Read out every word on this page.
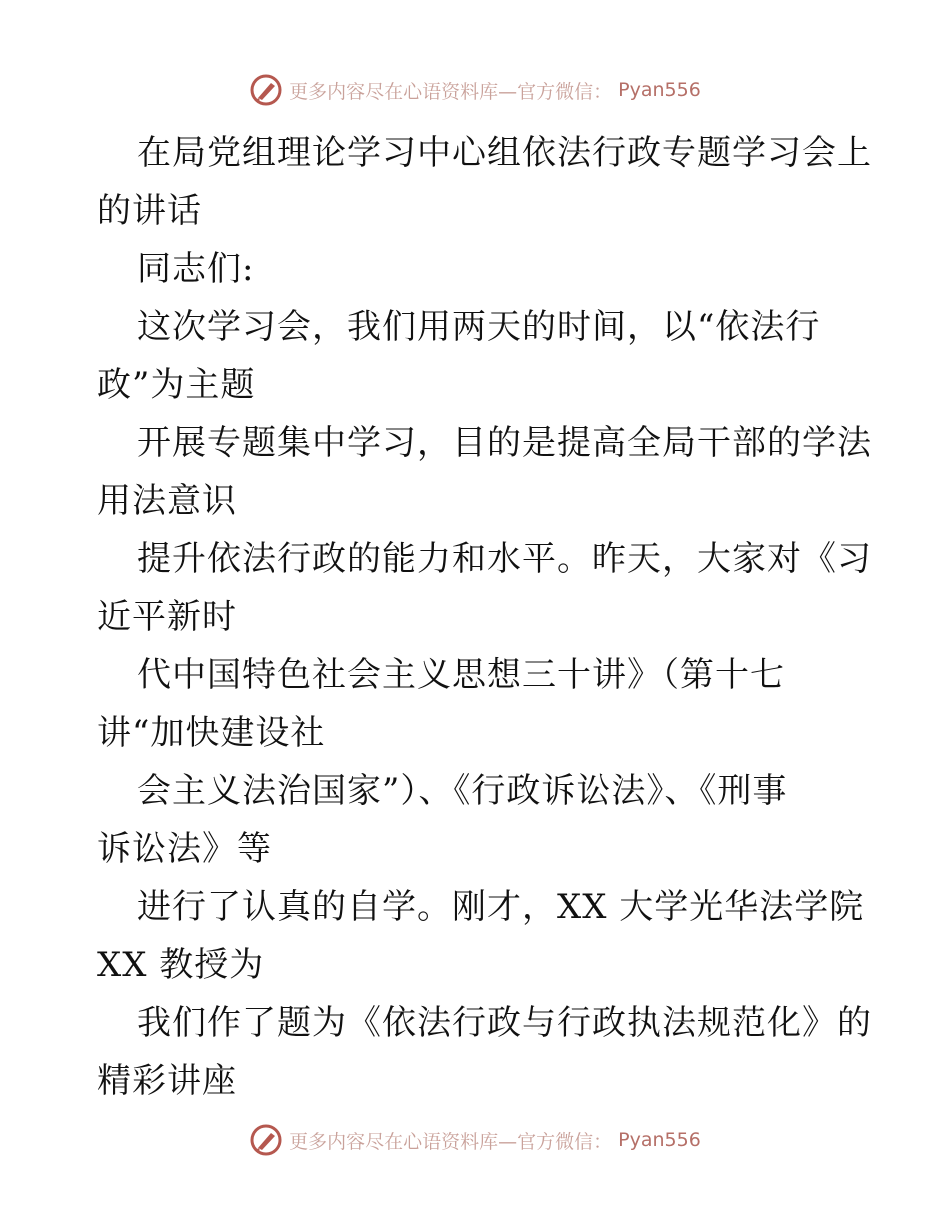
更多内容尽在心语资料库—官方微信： Pyan556
在局党组理论学习中心组依法行政专题学习会上
的讲话
同志们:
这次学习会，我们用两天的时间，以“依法行
政”为主题
开展专题集中学习，目的是提高全局干部的学法
用法意识
提升依法行政的能力和水平。昨天，大家对《习
近平新时
代中国特色社会主义思想三十讲》（第十七
讲“加快建设社
会主义法治国家”）、《行政诉讼法》、《刑事
诉讼法》等
进行了认真的自学。刚才，XX 大学光华法学院
XX 教授为
我们作了题为《依法行政与行政执法规范化》的
精彩讲座
更多内容尽在心语资料库—官方微信： Pyan556
